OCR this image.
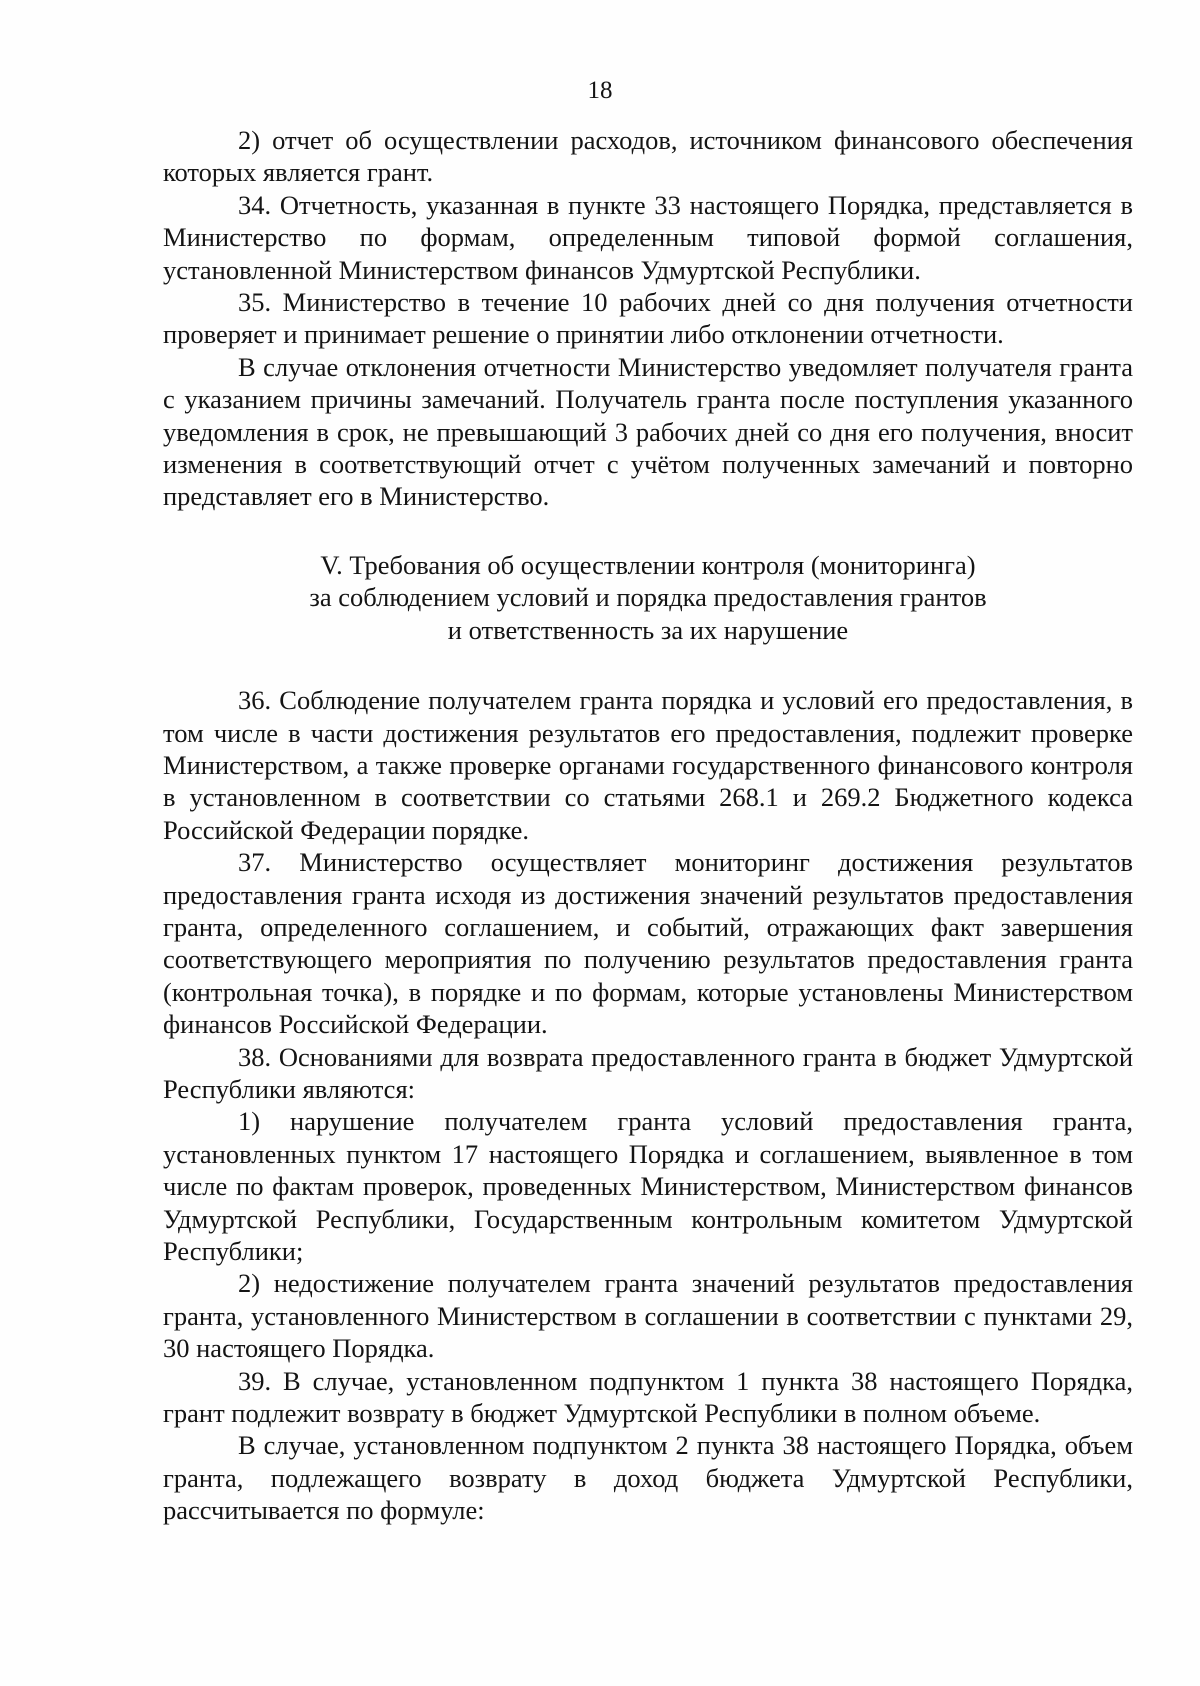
18

2) отчет об осуществлении расходов, источником финансового обеспечения которых является грант.

34. Отчетность, указанная в пункте 33 настоящего Порядка, представляется в Министерство по формам, определенным типовой формой соглашения, установленной Министерством финансов Удмуртской Республики.

35. Министерство в течение 10 рабочих дней со дня получения отчетности проверяет и принимает решение о принятии либо отклонении отчетности.

В случае отклонения отчетности Министерство уведомляет получателя гранта с указанием причины замечаний. Получатель гранта после поступления указанного уведомления в срок, не превышающий 3 рабочих дней со дня его получения, вносит изменения в соответствующий отчет с учётом полученных замечаний и повторно представляет его в Министерство.

V. Требования об осуществлении контроля (мониторинга)
за соблюдением условий и порядка предоставления грантов
и ответственность за их нарушение

36. Соблюдение получателем гранта порядка и условий его предоставления, в том числе в части достижения результатов его предоставления, подлежит проверке Министерством, а также проверке органами государственного финансового контроля в установленном в соответствии со статьями 268.1 и 269.2 Бюджетного кодекса Российской Федерации порядке.

37. Министерство осуществляет мониторинг достижения результатов предоставления гранта исходя из достижения значений результатов предоставления гранта, определенного соглашением, и событий, отражающих факт завершения соответствующего мероприятия по получению результатов предоставления гранта (контрольная точка), в порядке и по формам, которые установлены Министерством финансов Российской Федерации.

38. Основаниями для возврата предоставленного гранта в бюджет Удмуртской Республики являются:

1) нарушение получателем гранта условий предоставления гранта, установленных пунктом 17 настоящего Порядка и соглашением, выявленное в том числе по фактам проверок, проведенных Министерством, Министерством финансов Удмуртской Республики, Государственным контрольным комитетом Удмуртской Республики;

2) недостижение получателем гранта значений результатов предоставления гранта, установленного Министерством в соглашении в соответствии с пунктами 29, 30 настоящего Порядка.

39. В случае, установленном подпунктом 1 пункта 38 настоящего Порядка, грант подлежит возврату в бюджет Удмуртской Республики в полном объеме.

В случае, установленном подпунктом 2 пункта 38 настоящего Порядка, объем гранта, подлежащего возврату в доход бюджета Удмуртской Республики, рассчитывается по формуле:
